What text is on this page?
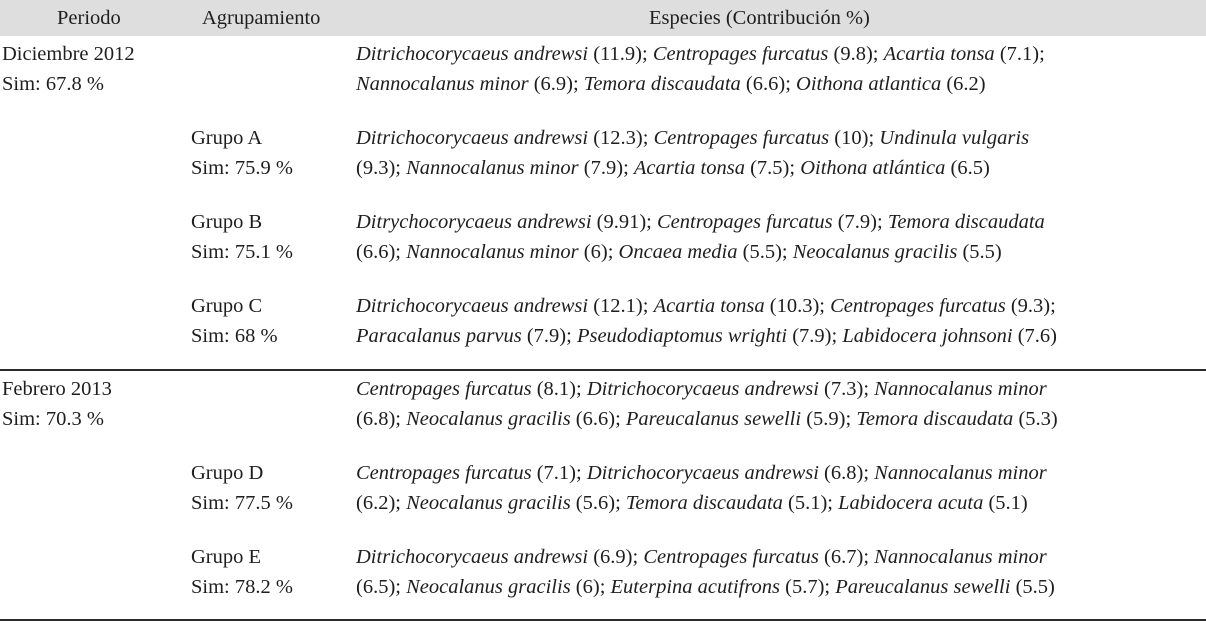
Periodo	Agrupamiento	Especies (Contribución %)
Diciembre 2012
Sim: 67.8 %
Ditrichocorycaeus andrewsi (11.9); Centropages furcatus (9.8); Acartia tonsa (7.1);
Nannocalanus minor (6.9); Temora discaudata (6.6); Oithona atlantica (6.2)
Grupo A
Sim: 75.9 %
Ditrichocorycaeus andrewsi (12.3); Centropages furcatus (10); Undinula vulgaris
(9.3); Nannocalanus minor (7.9); Acartia tonsa (7.5); Oithona atlántica (6.5)
Grupo B
Sim: 75.1 %
Ditrychocorycaeus andrewsi (9.91); Centropages furcatus (7.9); Temora discaudata
(6.6); Nannocalanus minor (6); Oncaea media (5.5); Neocalanus gracilis (5.5)
Grupo C
Sim: 68 %
Ditrichocorycaeus andrewsi (12.1); Acartia tonsa (10.3); Centropages furcatus (9.3);
Paracalanus parvus (7.9); Pseudodiaptomus wrighti (7.9); Labidocera johnsoni (7.6)
Febrero 2013
Sim: 70.3 %
Centropages furcatus (8.1); Ditrichocorycaeus andrewsi (7.3); Nannocalanus minor
(6.8); Neocalanus gracilis (6.6); Pareucalanus sewelli (5.9); Temora discaudata (5.3)
Grupo D
Sim: 77.5 %
Centropages furcatus (7.1); Ditrichocorycaeus andrewsi (6.8); Nannocalanus minor
(6.2); Neocalanus gracilis (5.6); Temora discaudata (5.1); Labidocera acuta (5.1)
Grupo E
Sim: 78.2 %
Ditrichocorycaeus andrewsi (6.9); Centropages furcatus (6.7); Nannocalanus minor
(6.5); Neocalanus gracilis (6); Euterpina acutifrons (5.7); Pareucalanus sewelli (5.5)
